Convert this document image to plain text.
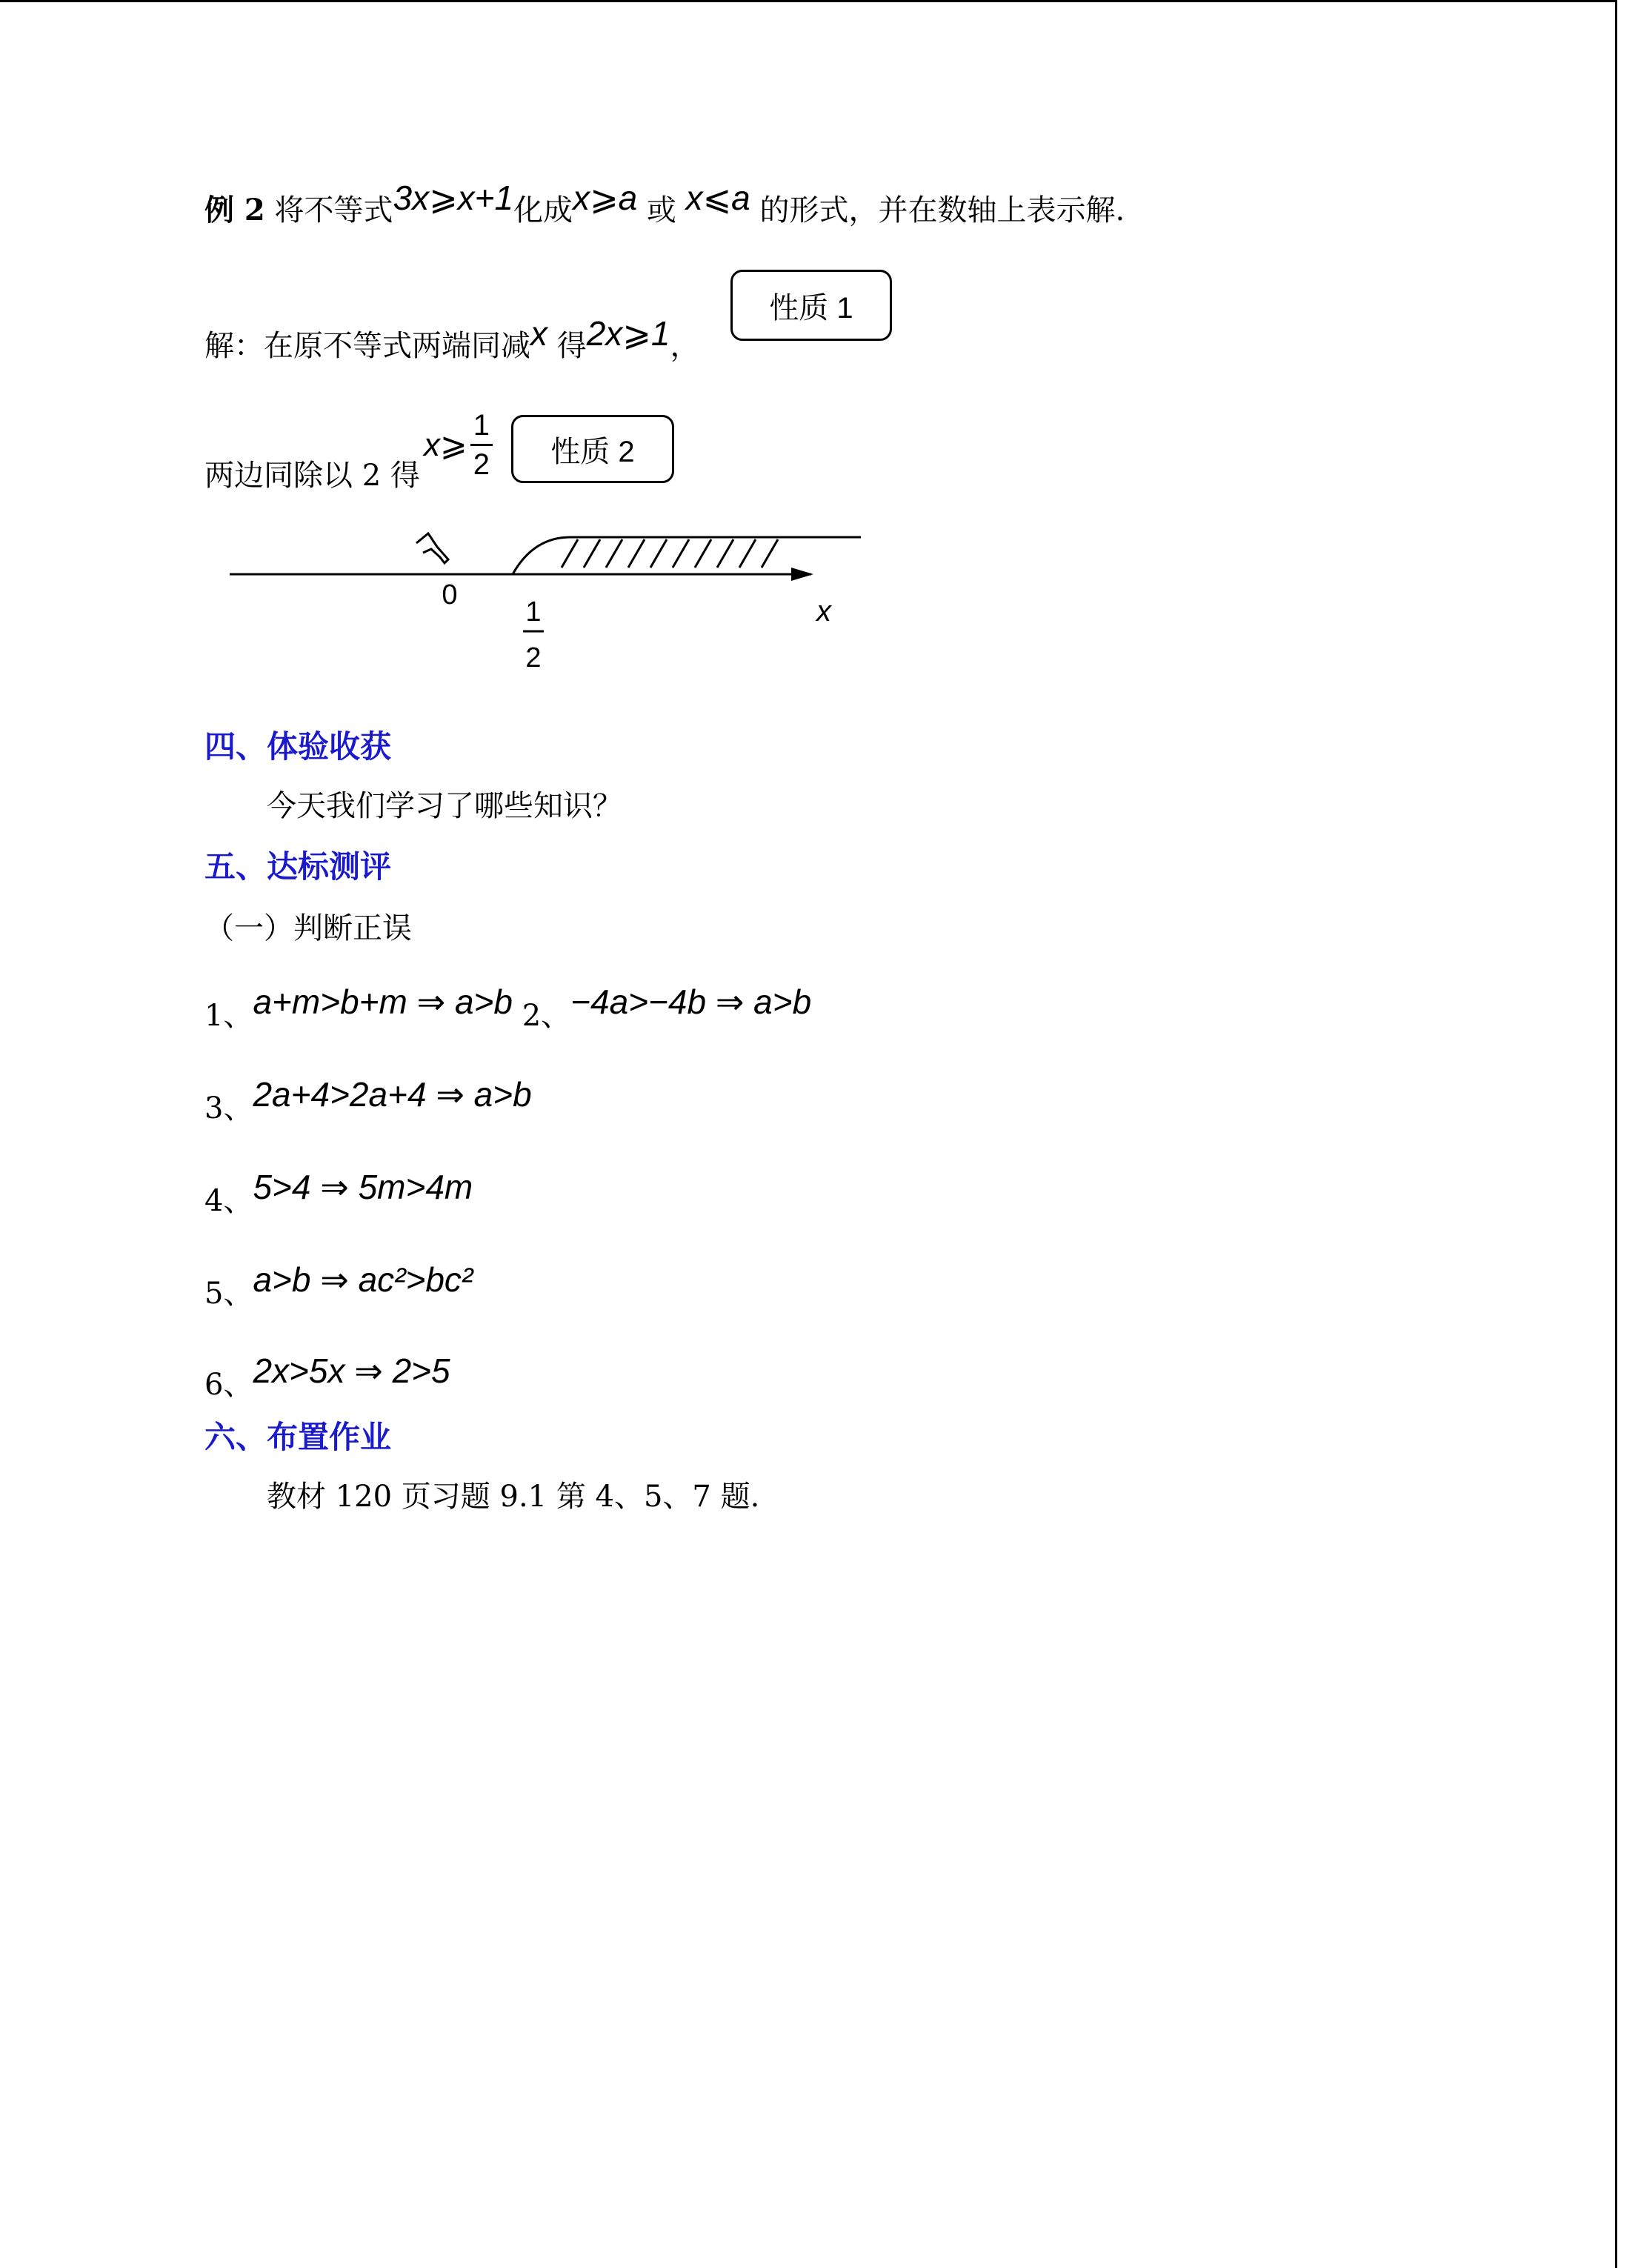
例 2 将不等式3x⩾x+1化成x⩾a 或 x⩽a 的形式，并在数轴上表示解.
解：在原不等式两端同减x 得2x⩾1，
性质 1
两边同除以 2 得
x⩾ $\frac{1}{2}$ 性质 2
0
1
2
x
四、体验收获
今天我们学习了哪些知识？
五、达标测评
（一）判断正误
1、a+m>b+m ⇒ a>b 2、−4a>−4b ⇒ a>b
3、2a+4>2a+4 ⇒ a>b
4、5>4 ⇒ 5m>4m
5、a>b ⇒ ac²>bc²
6、2x>5x ⇒ 2>5
六、布置作业
教材 120 页习题 9.1 第 4、5、7 题.
